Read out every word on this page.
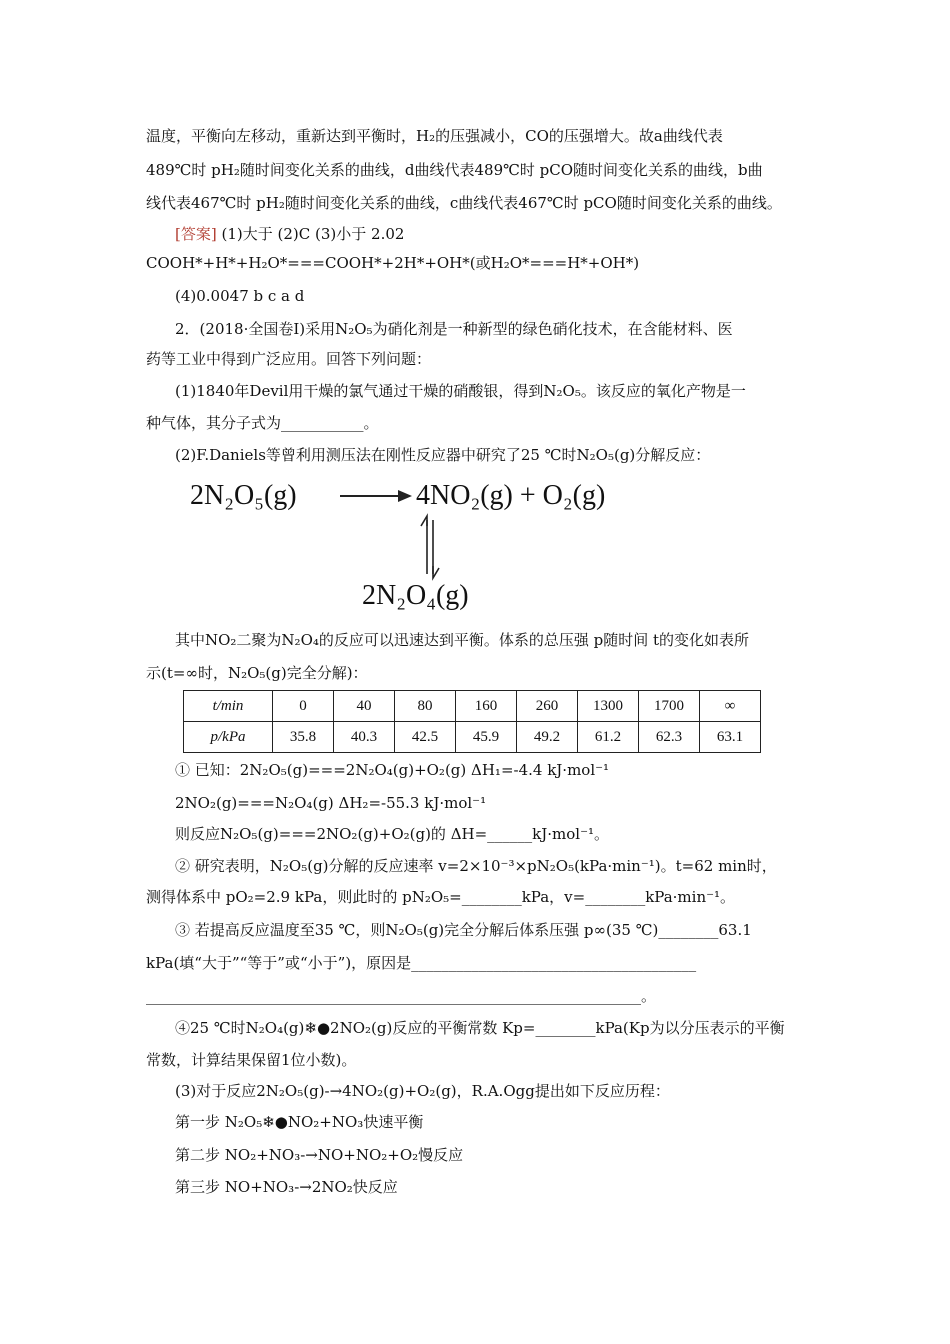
温度，平衡向左移动，重新达到平衡时，H₂的压强减小，CO的压强增大。故a曲线代表
489℃时 pH₂随时间变化关系的曲线，d曲线代表489℃时 pCO随时间变化关系的曲线，b曲
线代表467℃时 pH₂随时间变化关系的曲线，c曲线代表467℃时 pCO随时间变化关系的曲线。
[答案] (1)大于 (2)C (3)小于 2.02
COOH*+H*+H₂O*===COOH*+2H*+OH*(或H₂O*===H*+OH*)
(4)0.0047 b c a d
2．(2018·全国卷Ⅰ)采用N₂O₅为硝化剂是一种新型的绿色硝化技术，在含能材料、医
药等工业中得到广泛应用。回答下列问题：
(1)1840年Devil用干燥的氯气通过干燥的硝酸银，得到N₂O₅。该反应的氧化产物是一
种气体，其分子式为___________。
(2)F.Daniels等曾利用测压法在刚性反应器中研究了25 ℃时N₂O₅(g)分解反应：
2N₂O₅(g)	4NO₂(g) + O₂(g)
2N₂O₄(g)
其中NO₂二聚为N₂O₄的反应可以迅速达到平衡。体系的总压强 p随时间 t的变化如表所
示(t=∞时，N₂O₅(g)完全分解)：
t/min	0	40	80	160	260	1300	1700	∞
p/kPa	35.8	40.3	42.5	45.9	49.2	61.2	62.3	63.1
① 已知：2N₂O₅(g)===2N₂O₄(g)+O₂(g) ΔH₁=-4.4 kJ·mol⁻¹
2NO₂(g)===N₂O₄(g) ΔH₂=-55.3 kJ·mol⁻¹
则反应N₂O₅(g)===2NO₂(g)+O₂(g)的 ΔH=______kJ·mol⁻¹。
② 研究表明，N₂O₅(g)分解的反应速率 v=2×10⁻³×pN₂O₅(kPa·min⁻¹)。t=62 min时，
测得体系中 pO₂=2.9 kPa，则此时的 pN₂O₅=________kPa，v=________kPa·min⁻¹。
③ 若提高反应温度至35 ℃，则N₂O₅(g)完全分解后体系压强 p∞(35 ℃)________63.1
kPa(填“大于”“等于”或“小于”)，原因是______________________________________
__________________________________________________________________。
④25 ℃时N₂O₄(g)❄●2NO₂(g)反应的平衡常数 Kp=________kPa(Kp为以分压表示的平衡
常数，计算结果保留1位小数)。
(3)对于反应2N₂O₅(g)-→4NO₂(g)+O₂(g)，R.A.Ogg提出如下反应历程：
第一步 N₂O₅❄●NO₂+NO₃快速平衡
第二步 NO₂+NO₃-→NO+NO₂+O₂慢反应
第三步 NO+NO₃-→2NO₂快反应
